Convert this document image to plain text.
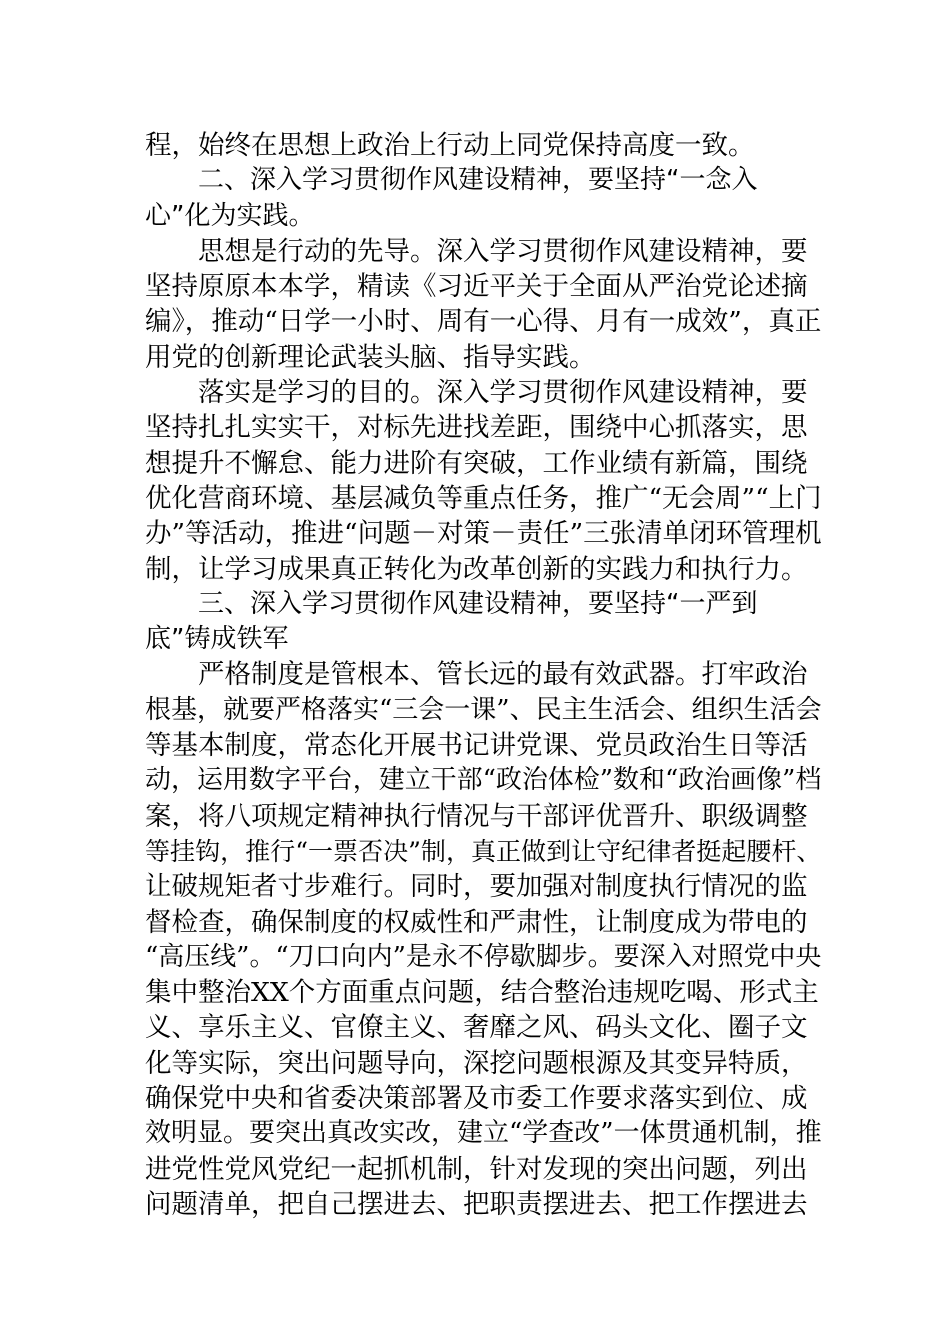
程，始终在思想上政治上行动上同党保持高度一致。
二、深入学习贯彻作风建设精神，要坚持“一念入
心”化为实践。
思想是行动的先导。深入学习贯彻作风建设精神，要
坚持原原本本学，精读《习近平关于全面从严治党论述摘
编》，推动“日学一小时、周有一心得、月有一成效”，真正
用党的创新理论武装头脑、指导实践。
落实是学习的目的。深入学习贯彻作风建设精神，要
坚持扎扎实实干，对标先进找差距，围绕中心抓落实，思
想提升不懈怠、能力进阶有突破，工作业绩有新篇，围绕
优化营商环境、基层减负等重点任务，推广“无会周”“上门
办”等活动，推进“问题－对策－责任”三张清单闭环管理机
制，让学习成果真正转化为改革创新的实践力和执行力。
三、深入学习贯彻作风建设精神，要坚持“一严到
底”铸成铁军
严格制度是管根本、管长远的最有效武器。打牢政治
根基，就要严格落实“三会一课”、民主生活会、组织生活会
等基本制度，常态化开展书记讲党课、党员政治生日等活
动，运用数字平台，建立干部“政治体检”数和“政治画像”档
案，将八项规定精神执行情况与干部评优晋升、职级调整
等挂钩，推行“一票否决”制，真正做到让守纪律者挺起腰杆、
让破规矩者寸步难行。同时，要加强对制度执行情况的监
督检查，确保制度的权威性和严肃性，让制度成为带电的
“高压线”。“刀口向内”是永不停歇脚步。要深入对照党中央
集中整治XX个方面重点问题，结合整治违规吃喝、形式主
义、享乐主义、官僚主义、奢靡之风、码头文化、圈子文
化等实际，突出问题导向，深挖问题根源及其变异特质，
确保党中央和省委决策部署及市委工作要求落实到位、成
效明显。要突出真改实改，建立“学查改”一体贯通机制，推
进党性党风党纪一起抓机制，针对发现的突出问题，列出
问题清单，把自己摆进去、把职责摆进去、把工作摆进去
